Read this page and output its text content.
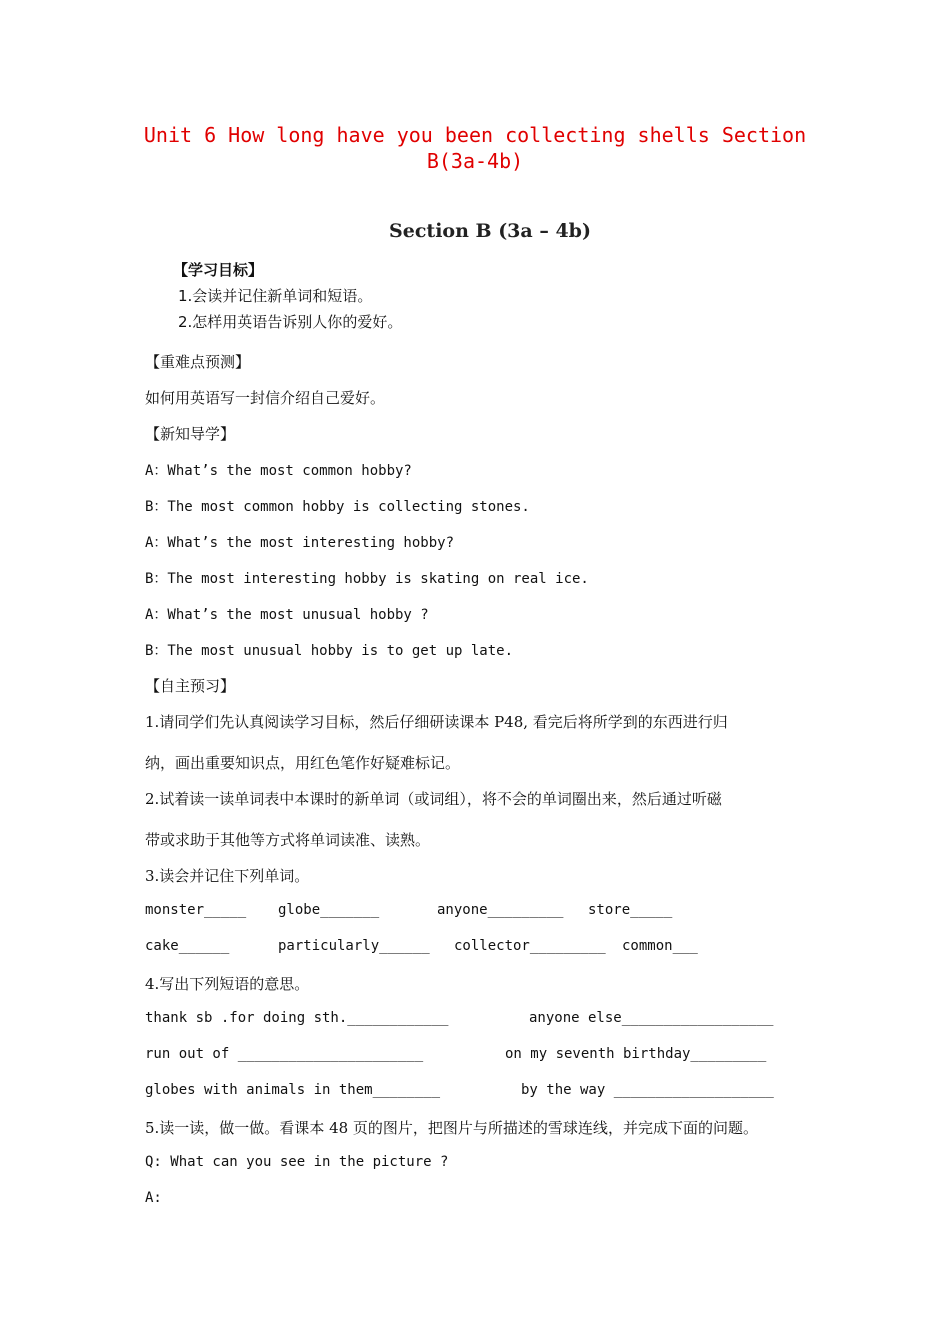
Unit 6 How long have you been collecting shells Section
B(3a-4b)
Section B (3a – 4b)
【学习目标】
1.会读并记住新单词和短语。
2.怎样用英语告诉别人你的爱好。
【重难点预测】
如何用英语写一封信介绍自己爱好。
【新知导学】
A：What’s the most common hobby?
B：The most common hobby is collecting stones.
A：What’s the most interesting hobby?
B：The most interesting hobby is skating on real ice.
A：What’s the most unusual hobby ?
B：The most unusual hobby is to get up late.
【自主预习】
1.请同学们先认真阅读学习目标，然后仔细研读课本 P48, 看完后将所学到的东西进行归
纳，画出重要知识点，用红色笔作好疑难标记。
2.试着读一读单词表中本课时的新单词（或词组），将不会的单词圈出来，然后通过听磁
带或求助于其他等方式将单词读准、读熟。
3.读会并记住下列单词。
monster_____ globe_______	anyone_________ store_____
cake______	particularly______ collector_________ common___
4.写出下列短语的意思。
thank sb .for doing sth.____________	anyone else__________________
run out of ______________________	on my seventh birthday_________
globes with animals in them________	by the way ___________________
5.读一读，做一做。看课本 48 页的图片，把图片与所描述的雪球连线，并完成下面的问题。
Q: What can you see in the picture ?
A:
